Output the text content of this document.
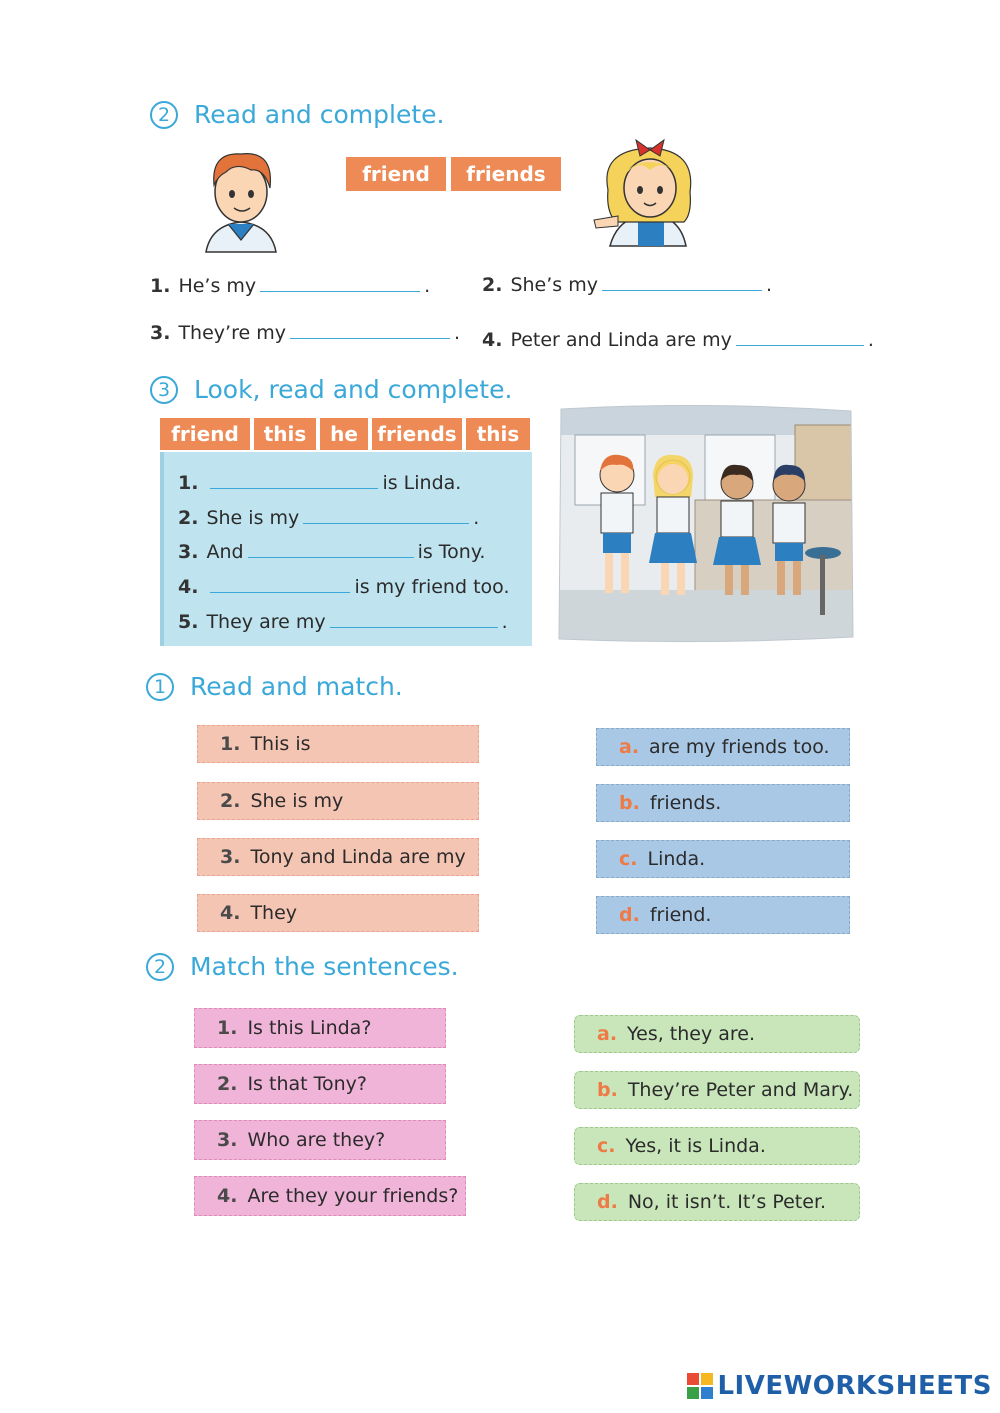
2 Read and complete.
friend	friends
1. He’s my	.	2. She’s my	.
3. They’re my	. 4. Peter and Linda are my	.
3 Look, read and complete.
friend	this	he friends	this
1.	is Linda.
2. She is my	.
3. And	is Tony.
4.	is my friend too.
5. They are my	.
1 Read and match.
1. This is
2. She is my
3. Tony and Linda are my
4. They
a. are my friends too.
b. friends.
c. Linda.
d. friend.
2 Match the sentences.
1. Is this Linda?
2. Is that Tony?
3. Who are they?
4. Are they your friends?
a. Yes, they are.
b. They’re Peter and Mary.
c. Yes, it is Linda.
d. No, it isn’t. It’s Peter.
LIVEWORKSHEETS
